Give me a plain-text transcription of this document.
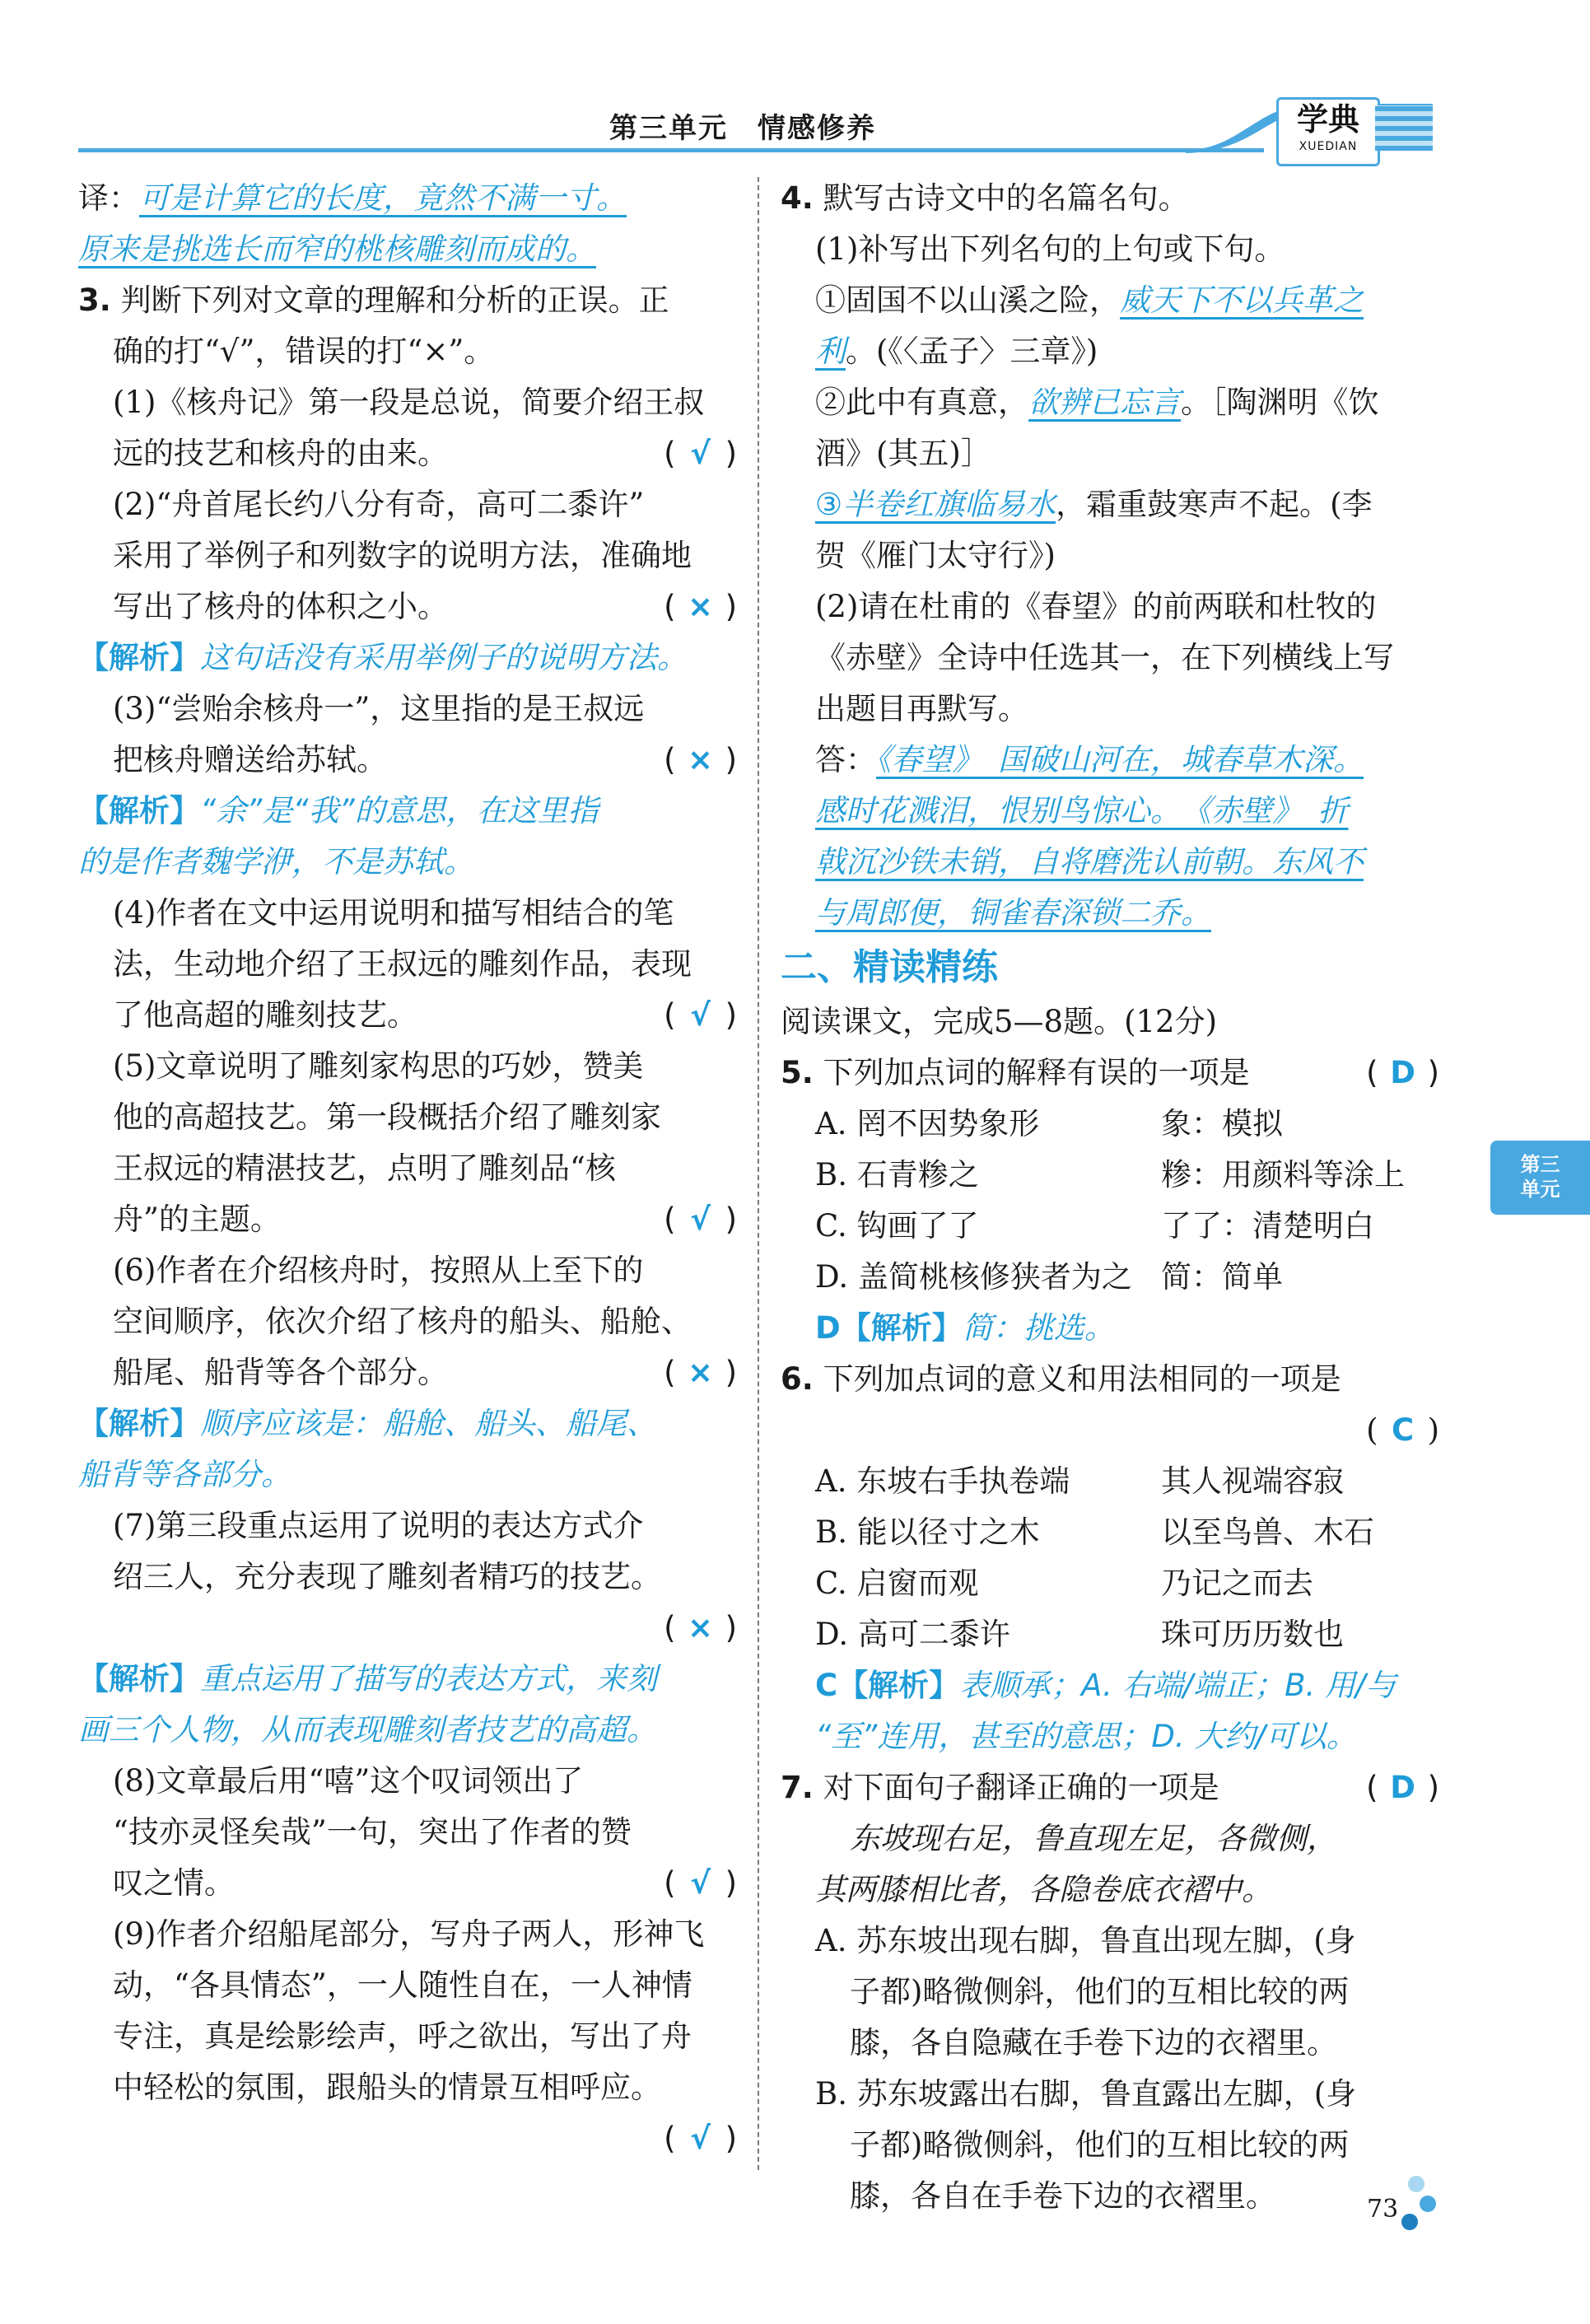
第三单元　情感修养	学典
XUEDIAN
译：可是计算它的长度，竟然不满一寸。
原来是挑选长而窄的桃核雕刻而成的。
3. 判断下列对文章的理解和分析的正误。正
确的打“√”，错误的打“×”。
(1)《核舟记》第一段是总说，简要介绍王叔
远的技艺和核舟的由来。	( √ )
(2)“舟首尾长约八分有奇，高可二黍许”
采用了举例子和列数字的说明方法，准确地
写出了核舟的体积之小。	( × )
【解析】这句话没有采用举例子的说明方法。
(3)“尝贻余核舟一”，这里指的是王叔远
把核舟赠送给苏轼。	( × )
【解析】“余”是“我”的意思，在这里指
的是作者魏学洢，不是苏轼。
(4)作者在文中运用说明和描写相结合的笔
法，生动地介绍了王叔远的雕刻作品，表现
了他高超的雕刻技艺。	( √ )
(5)文章说明了雕刻家构思的巧妙，赞美
他的高超技艺。第一段概括介绍了雕刻家
王叔远的精湛技艺，点明了雕刻品“核
舟”的主题。	( √ )
(6)作者在介绍核舟时，按照从上至下的
空间顺序，依次介绍了核舟的船头、船舱、
船尾、船背等各个部分。	( × )
【解析】顺序应该是：船舱、船头、船尾、
船背等各部分。
(7)第三段重点运用了说明的表达方式介
绍三人，充分表现了雕刻者精巧的技艺。
( × )

【解析】重点运用了描写的表达方式，来刻
画三个人物，从而表现雕刻者技艺的高超。
(8)文章最后用“嘻”这个叹词领出了
“技亦灵怪矣哉”一句，突出了作者的赞
叹之情。	( √ )
(9)作者介绍船尾部分，写舟子两人，形神飞
动，“各具情态”，一人随性自在，一人神情
专注，真是绘影绘声，呼之欲出，写出了舟
中轻松的氛围，跟船头的情景互相呼应。
( √ )

4. 默写古诗文中的名篇名句。
(1)补写出下列名句的上句或下句。
①固国不以山溪之险，威天下不以兵革之
利。(《〈孟子〉三章》)
②此中有真意，欲辨已忘言。［陶渊明《饮
酒》(其五)］
③半卷红旗临易水，霜重鼓寒声不起。(李
贺《雁门太守行》)
(2)请在杜甫的《春望》的前两联和杜牧的
《赤壁》全诗中任选其一，在下列横线上写
出题目再默写。
答：《春望》　国破山河在，城春草木深。
感时花溅泪，恨别鸟惊心。　《赤壁》　折
戟沉沙铁未销，自将磨洗认前朝。东风不
与周郎便，铜雀春深锁二乔。
二、精读精练
阅读课文，完成5—8题。(12分)
5. 下列加点词的解释有误的一项是	( D )
A. 罔不因势象形	象：模拟
B. 石青糁之	糁：用颜料等涂上
C. 钩画了了	了了：清楚明白
D. 盖简桃核修狭者为之 简：简单
D【解析】简：挑选。
6. 下列加点词的意义和用法相同的一项是
( C )
A. 东坡右手执卷端	其人视端容寂
B. 能以径寸之木	以至鸟兽、木石
C. 启窗而观	乃记之而去
D. 高可二黍许	珠可历历数也
C【解析】表顺承；A. 右端/端正；B. 用/与
“至”连用，甚至的意思；D. 大约/可以。
7. 对下面句子翻译正确的一项是	( D )
东坡现右足，鲁直现左足，各微侧，
其两膝相比者，各隐卷底衣褶中。
A. 苏东坡出现右脚，鲁直出现左脚，(身
子都)略微侧斜，他们的互相比较的两
膝，各自隐藏在手卷下边的衣褶里。
B. 苏东坡露出右脚，鲁直露出左脚，(身
子都)略微侧斜，他们的互相比较的两
膝，各自在手卷下边的衣褶里。
第三
单元
73
